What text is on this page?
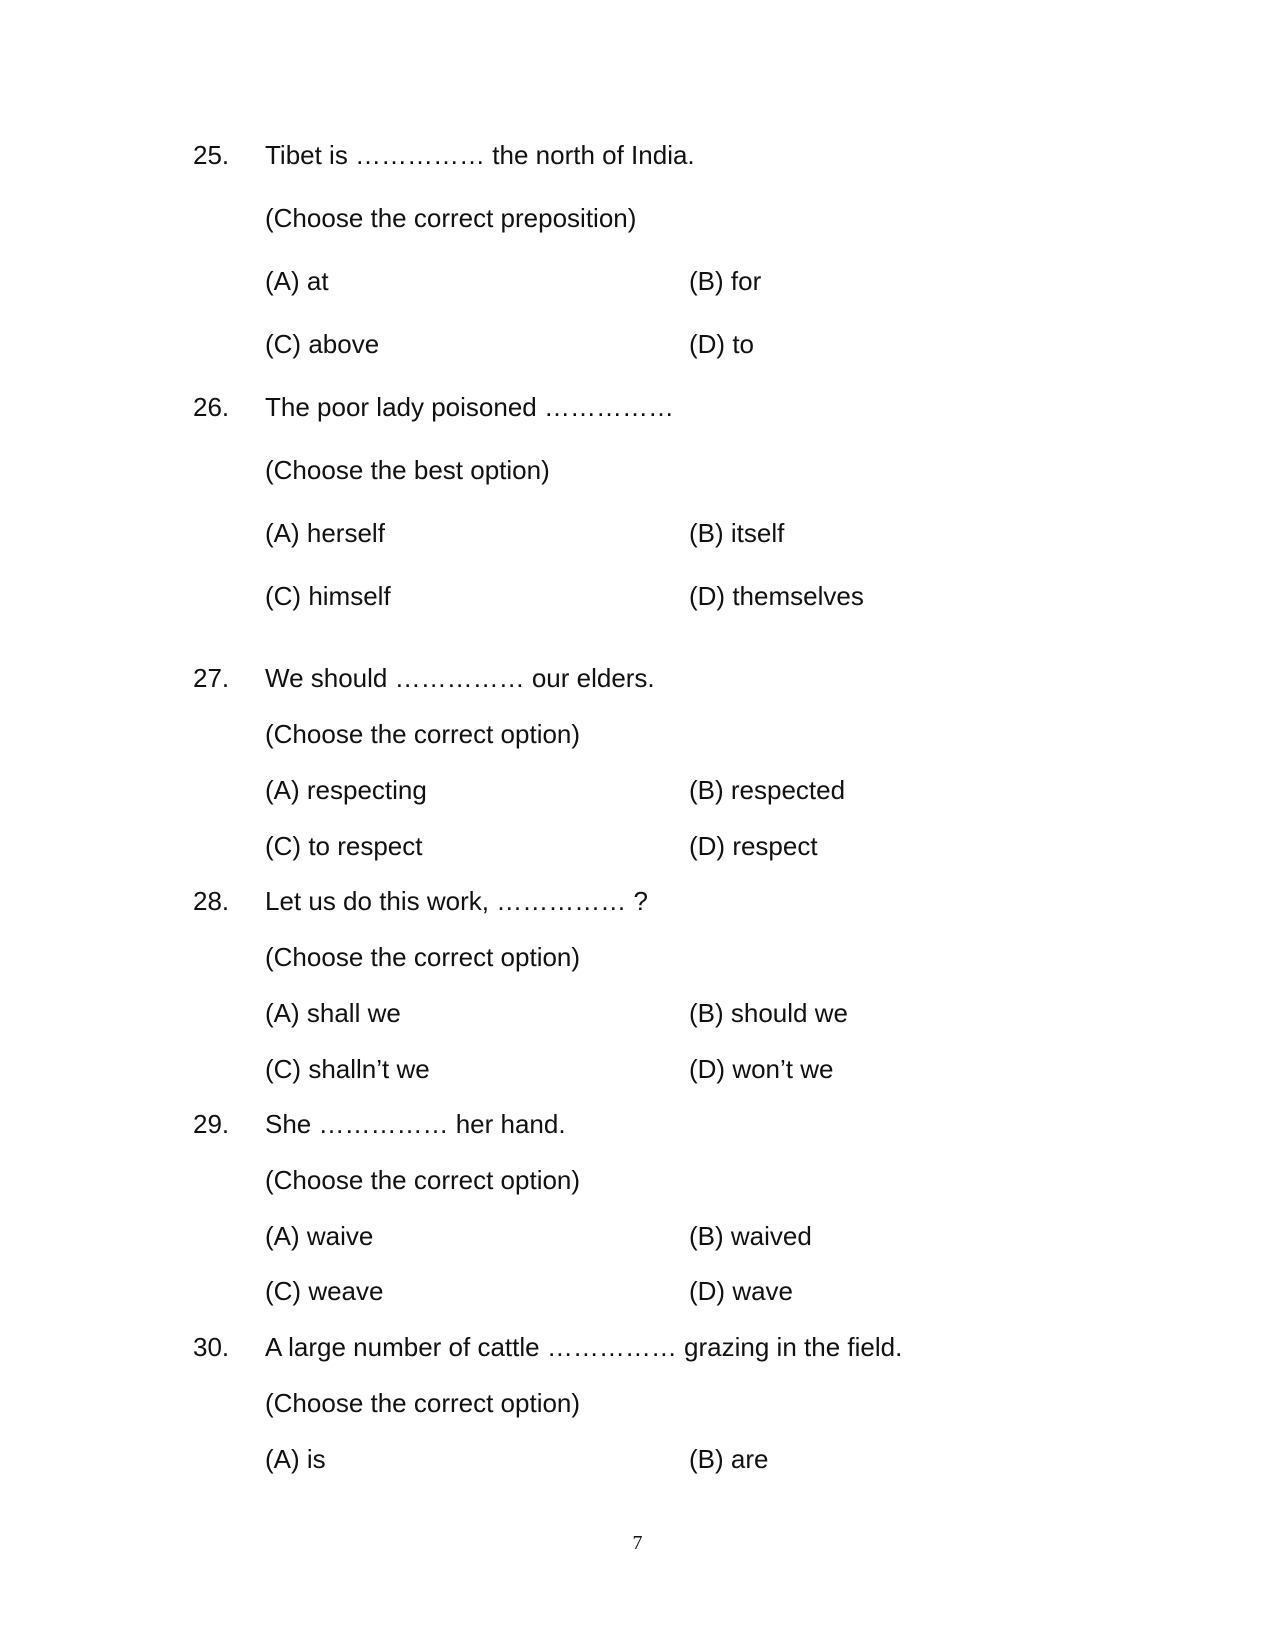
25. Tibet is …………… the north of India.
(Choose the correct preposition)
(A) at	(B) for
(C) above	(D) to
26. The poor lady poisoned ……………
(Choose the best option)
(A) herself	(B) itself
(C) himself	(D) themselves
27. We should …………… our elders.
(Choose the correct option)
(A) respecting	(B) respected
(C) to respect	(D) respect
28. Let us do this work, …………… ?
(Choose the correct option)
(A) shall we	(B) should we
(C) shalln’t we	(D) won’t we
29. She …………… her hand.
(Choose the correct option)
(A) waive	(B) waived
(C) weave	(D) wave
30. A large number of cattle …………… grazing in the field.
(Choose the correct option)
(A) is	(B) are
7
